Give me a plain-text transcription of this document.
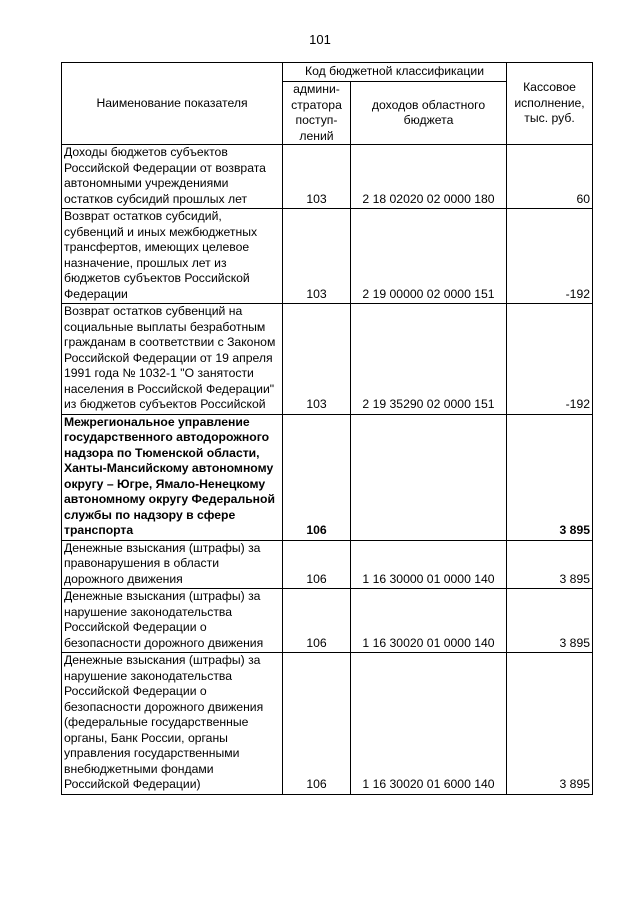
101
Наименование показателя	Код бюджетной классификации		Кассовое исполнение, тыс. руб.
	админи-стратора поступ-лений	доходов областного бюджета	
Доходы бюджетов субъектов Российской Федерации от возврата автономными учреждениями остатков субсидий прошлых лет	103	2 18 02020 02 0000 180	60
Возврат остатков субсидий, субвенций и иных межбюджетных трансфертов, имеющих целевое назначение, прошлых лет из бюджетов субъектов Российской Федерации	103	2 19 00000 02 0000 151	-192
Возврат остатков субвенций на социальные выплаты безработным гражданам в соответствии с Законом Российской Федерации от 19 апреля 1991 года № 1032-1 "О занятости населения в Российской Федерации" из бюджетов субъектов Российской	103	2 19 35290 02 0000 151	-192
Межрегиональное управление государственного автодорожного надзора по Тюменской области, Ханты-Мансийскому автономному округу – Югре, Ямало-Ненецкому автономному округу Федеральной службы по надзору в сфере транспорта	106		3 895
Денежные взыскания (штрафы) за правонарушения в области дорожного движения	106	1 16 30000 01 0000 140	3 895
Денежные взыскания (штрафы) за нарушение законодательства Российской Федерации о безопасности дорожного движения	106	1 16 30020 01 0000 140	3 895
Денежные взыскания (штрафы) за нарушение законодательства Российской Федерации о безопасности дорожного движения (федеральные государственные органы, Банк России, органы управления государственными внебюджетными фондами Российской Федерации)	106	1 16 30020 01 6000 140	3 895
